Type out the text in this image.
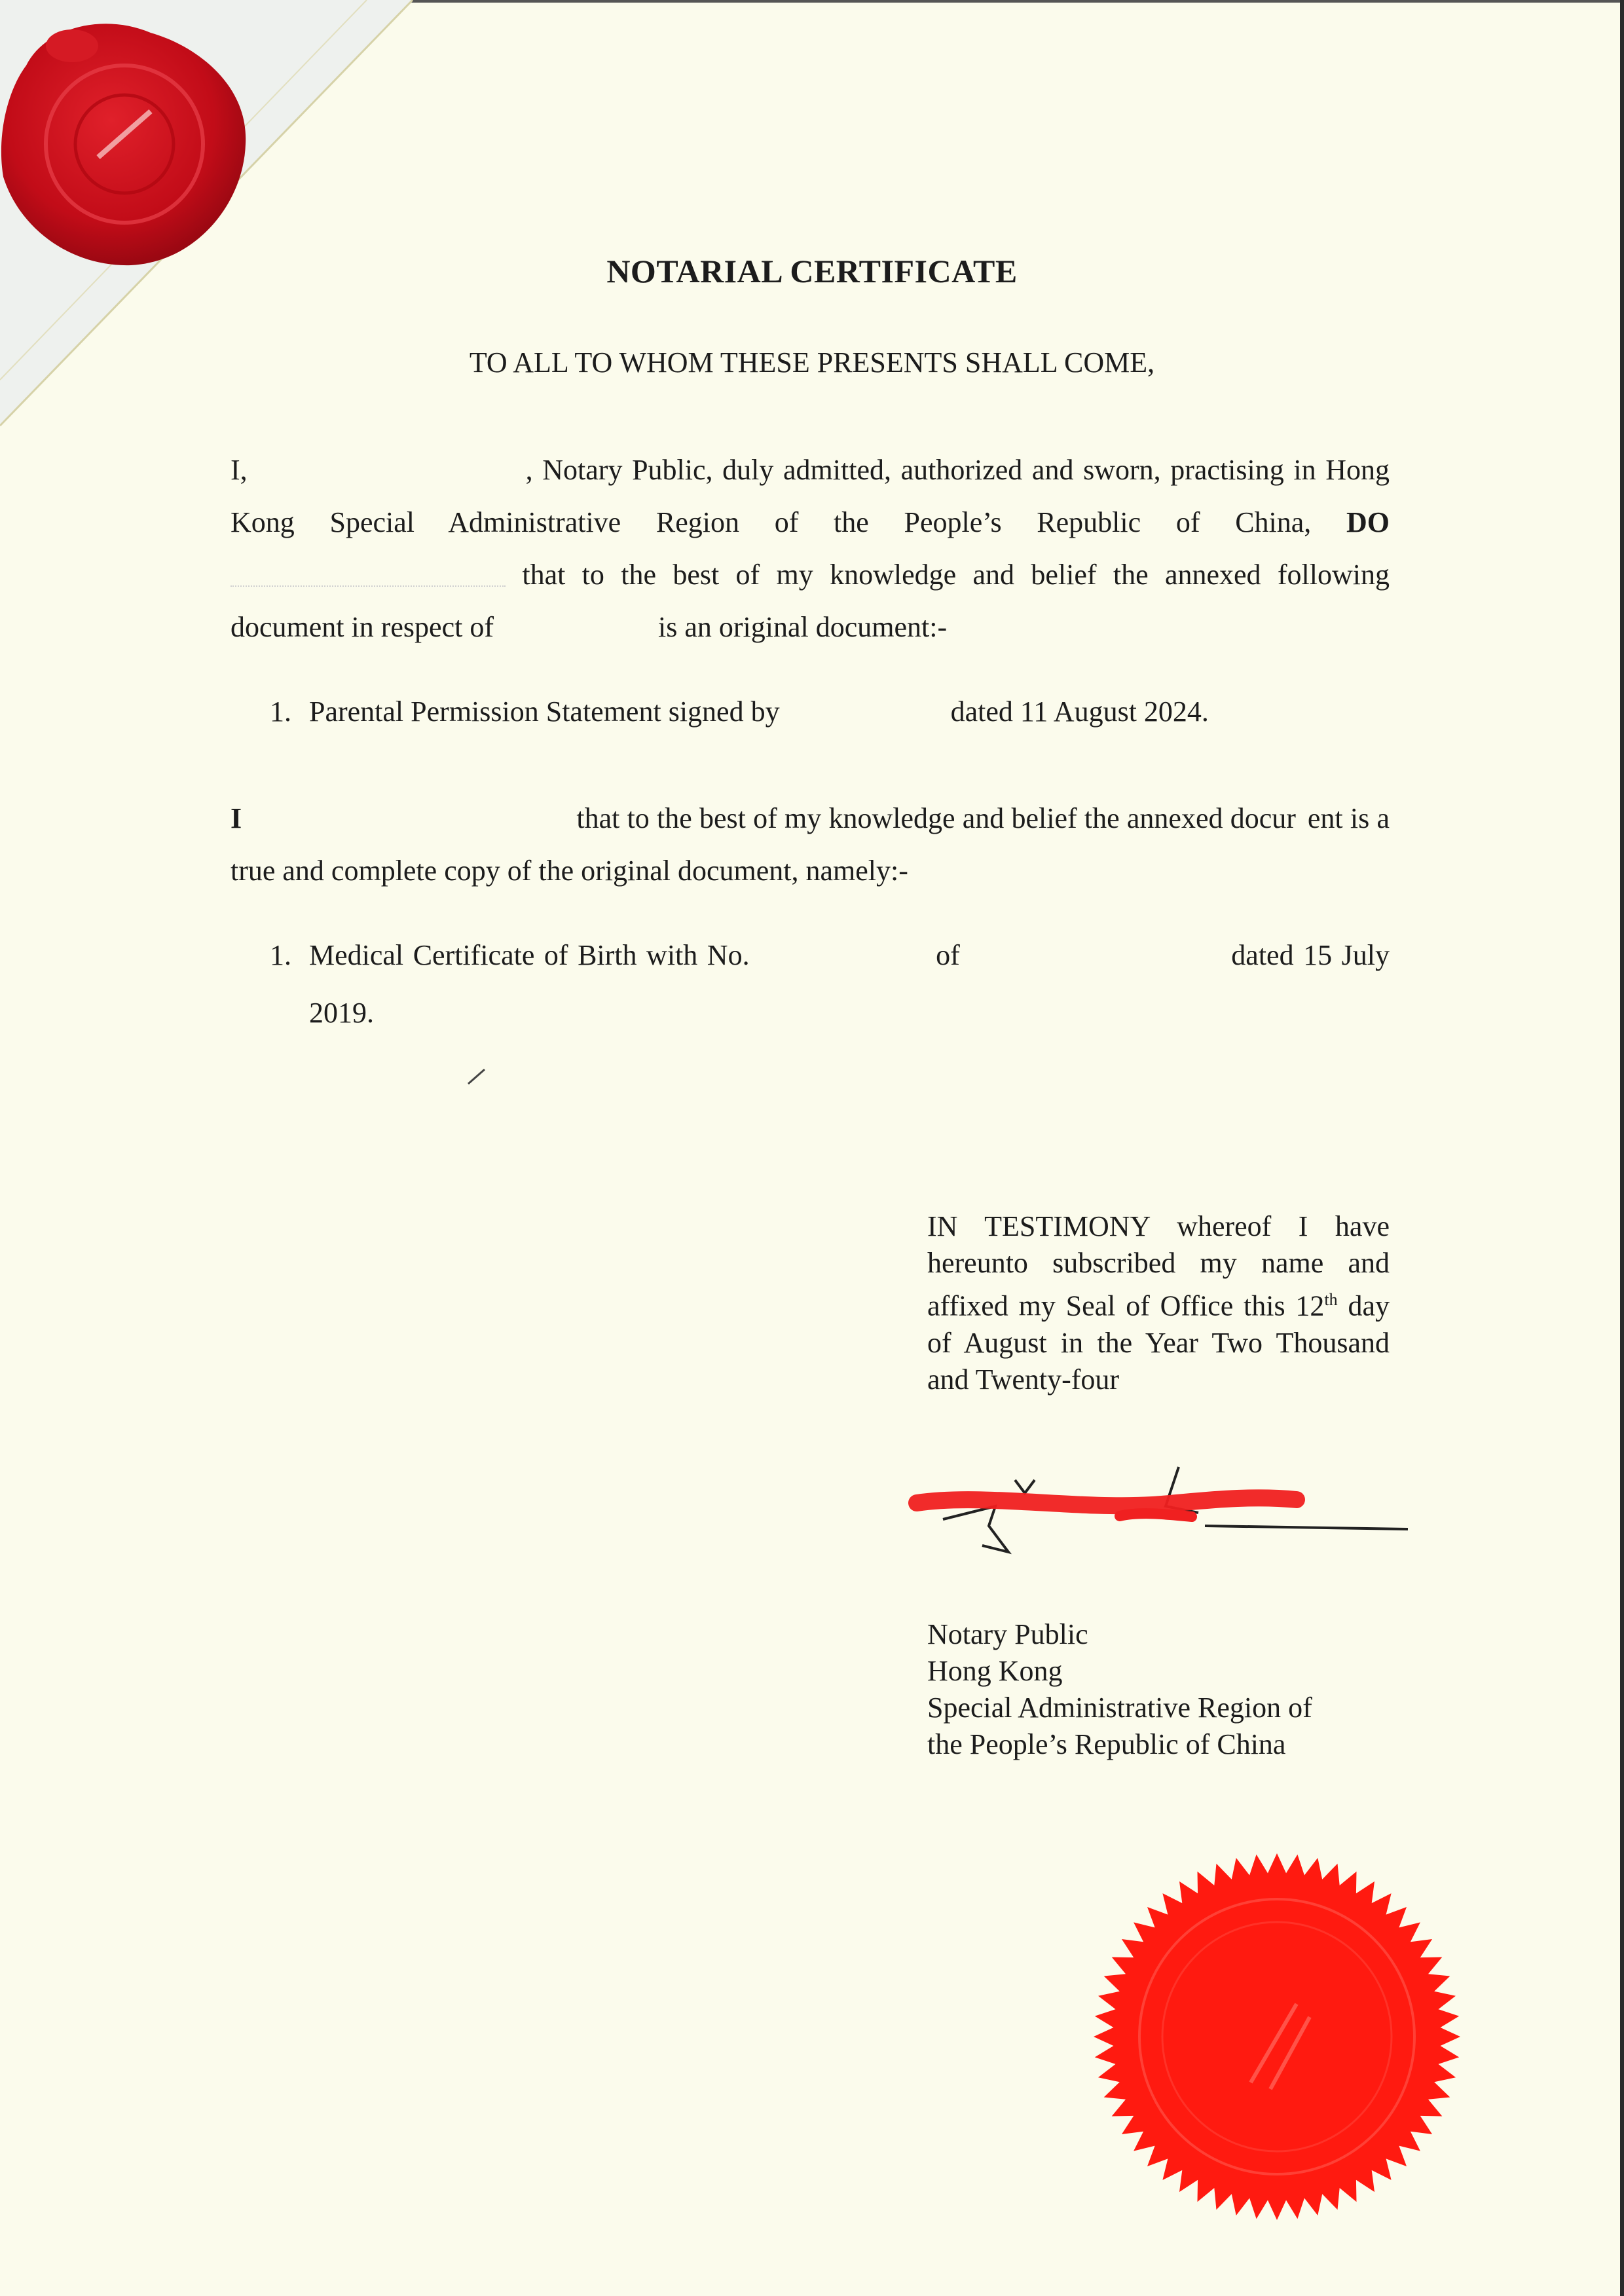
NOTARIAL CERTIFICATE
TO ALL TO WHOM THESE PRESENTS SHALL COME,
I,	, Notary Public, duly admitted, authorized and sworn, practising in Hong Kong Special Administrative Region of the People’s Republic of China, DO  that to the best of my knowledge and belief the annexed following document in respect of	is an original document:-
1. Parental Permission Statement signed by	dated 11 August 2024.
I	that to the best of my knowledge and belief the annexed docur ent is a true and complete copy of the original document, namely:-
1. Medical Certificate of Birth with No.	of	dated 15 July 2019.
IN TESTIMONY whereof I have hereunto subscribed my name and affixed my Seal of Office this 12th day of August in the Year Two Thousand and Twenty-four
Notary Public
Hong Kong
Special Administrative Region of
the People’s Republic of China
